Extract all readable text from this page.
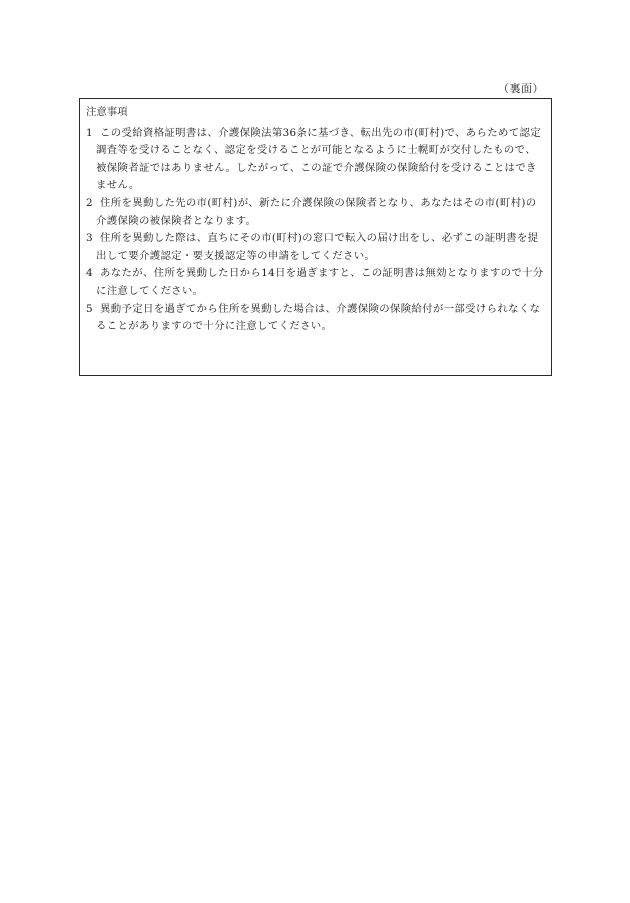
（裏面）
注意事項

1 この受給資格証明書は、介護保険法第36条に基づき、転出先の市(町村)で、あらためて認定調査等を受けることなく、認定を受けることが可能となるように士幌町が交付したもので、被保険者証ではありません。したがって、この証で介護保険の保険給付を受けることはできません。

2 住所を異動した先の市(町村)が、新たに介護保険の保険者となり、あなたはその市(町村)の介護保険の被保険者となります。

3 住所を異動した際は、直ちにその市(町村)の窓口で転入の届け出をし、必ずこの証明書を提出して要介護認定・要支援認定等の申請をしてください。

4 あなたが、住所を異動した日から14日を過ぎますと、この証明書は無効となりますので十分に注意してください。

5 異動予定日を過ぎてから住所を異動した場合は、介護保険の保険給付が一部受けられなくなることがありますので十分に注意してください。
